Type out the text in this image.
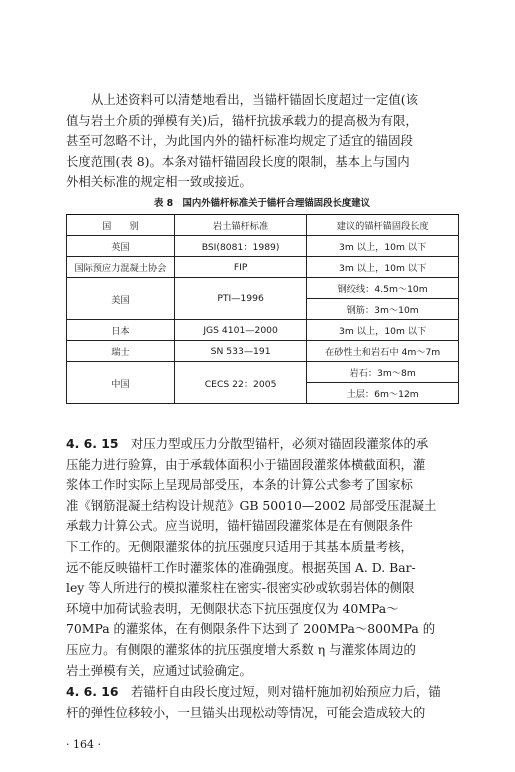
从上述资料可以清楚地看出，当锚杆锚固长度超过一定值(该
值与岩土介质的弹模有关)后，锚杆抗拔承载力的提高极为有限，
甚至可忽略不计，为此国内外的锚杆标准均规定了适宜的锚固段
长度范围(表 8)。本条对锚杆锚固段长度的限制，基本上与国内
外相关标准的规定相一致或接近。
表 8　国内外锚杆标准关于锚杆合理锚固段长度建议
国　　别	岩土锚杆标准	建议的锚杆锚固段长度
英国	BSI(8081：1989)	3m 以上，10m 以下
国际预应力混凝土协会	FIP	3m 以上，10m 以下
美国	PTI—1996	钢绞线：4.5m～10m
		钢筋：3m～10m
日本	JGS 4101—2000	3m 以上，10m 以下
瑞士	SN 533—191	在砂性土和岩石中 4m～7m
中国	CECS 22：2005	岩石：3m～8m
		土层：6m～12m
4. 6. 15　对压力型或压力分散型锚杆，必须对锚固段灌浆体的承
压能力进行验算，由于承载体面积小于锚固段灌浆体横截面积，灌
浆体工作时实际上呈现局部受压，本条的计算公式参考了国家标
准《钢筋混凝土结构设计规范》GB 50010—2002 局部受压混凝土
承载力计算公式。应当说明，锚杆锚固段灌浆体是在有侧限条件
下工作的。无侧限灌浆体的抗压强度只适用于其基本质量考核，
远不能反映锚杆工作时灌浆体的准确强度。根据英国 A. D. Bar-
ley 等人所进行的模拟灌浆柱在密实-很密实砂或软弱岩体的侧限
环境中加荷试验表明，无侧限状态下抗压强度仅为 40MPa～
70MPa 的灌浆体，在有侧限条件下达到了 200MPa～800MPa 的
压应力。有侧限的灌浆体的抗压强度增大系数 η 与灌浆体周边的
岩土弹模有关，应通过试验确定。
4. 6. 16　若锚杆自由段长度过短，则对锚杆施加初始预应力后，锚
杆的弹性位移较小，一旦锚头出现松动等情况，可能会造成较大的
· 164 ·
